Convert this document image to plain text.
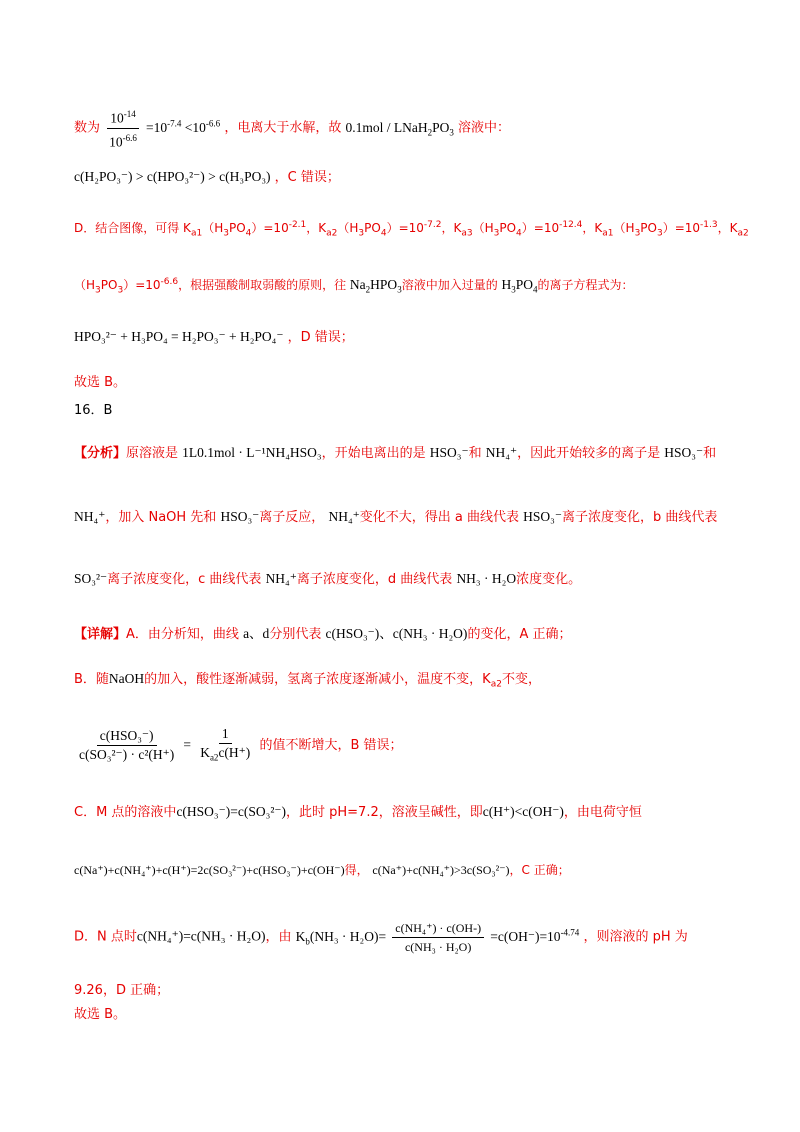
数为 $\frac{10^{-14}}{10^{-6.6}} =10^{-7.4} <10^{-6.6}$ ，电离大于水解，故 $0.1mol / LNaH_2PO_3$ 溶液中：
c(H₂PO₃⁻) > c(HPO₃²⁻) > c(H₃PO₃) ，C 错误；
D．结合图像，可得 $K_{a1}(H_3PO_4)=10^{-2.1}$，$K_{a2}(H_3PO_4)=10^{-7.2}$，$K_{a3}(H_3PO_4)=10^{-12.4}$，$K_{a1}(H_3PO_3)=10^{-1.3}$，$K_{a2}$
$(H_3PO_3)=10^{-6.6}$，根据强酸制取弱酸的原则，往 $Na_2HPO_3$溶液中加入过量的 $H_3PO_4$的离子方程式为：
HPO₃²⁻ + H₃PO₄ = H₂PO₃⁻ + H₂PO₄⁻ ，D 错误；
故选 B。
16．B
【分析】原溶液是 1L0.1mol · L⁻¹NH₄HSO₃，开始电离出的是 HSO₃⁻和 NH₄⁺，因此开始较多的离子是 HSO₃⁻和
NH₄⁺，加入 NaOH 先和 HSO₃⁻离子反应， NH₄⁺变化不大，得出 a 曲线代表 HSO₃⁻离子浓度变化，b 曲线代表
SO₃²⁻离子浓度变化，c 曲线代表 NH₄⁺离子浓度变化，d 曲线代表 NH₃ · H₂O浓度变化。
【详解】A．由分析知，曲线 a、d分别代表 c(HSO₃⁻)、c(NH₃ · H₂O)的变化，A 正确；
B．随NaOH的加入，酸性逐渐减弱，氢离子浓度逐渐减小，温度不变，$K_{a2}$不变，
$\frac{\text{c(HSO₃⁻)}}{\text{c(SO₃²⁻) · c²(H⁺)}} = \frac{1}{K_{a2}c(H^+)}$ 的值不断增大，B 错误；
C．M 点的溶液中c(HSO₃⁻)=c(SO₃²⁻)，此时 pH=7.2，溶液呈碱性，即c(H⁺)<c(OH⁻)，由电荷守恒
c(Na⁺)+c(NH₄⁺)+c(H⁺)=2c(SO₃²⁻)+c(HSO₃⁻)+c(OH⁻)得， c(Na⁺)+c(NH₄⁺)>3c(SO₃²⁻)，C 正确；
D．N 点时c(NH₄⁺)=c(NH₃ · H₂O)，由 $K_b(NH_3 \cdot H_2O)= \frac{\text{c(NH₄⁺) · c(OH-)}}{\text{c(NH₃ · H₂O)}} =c(OH^-)=10^{-4.74}$ ，则溶液的 pH 为
9.26，D 正确；
故选 B。
